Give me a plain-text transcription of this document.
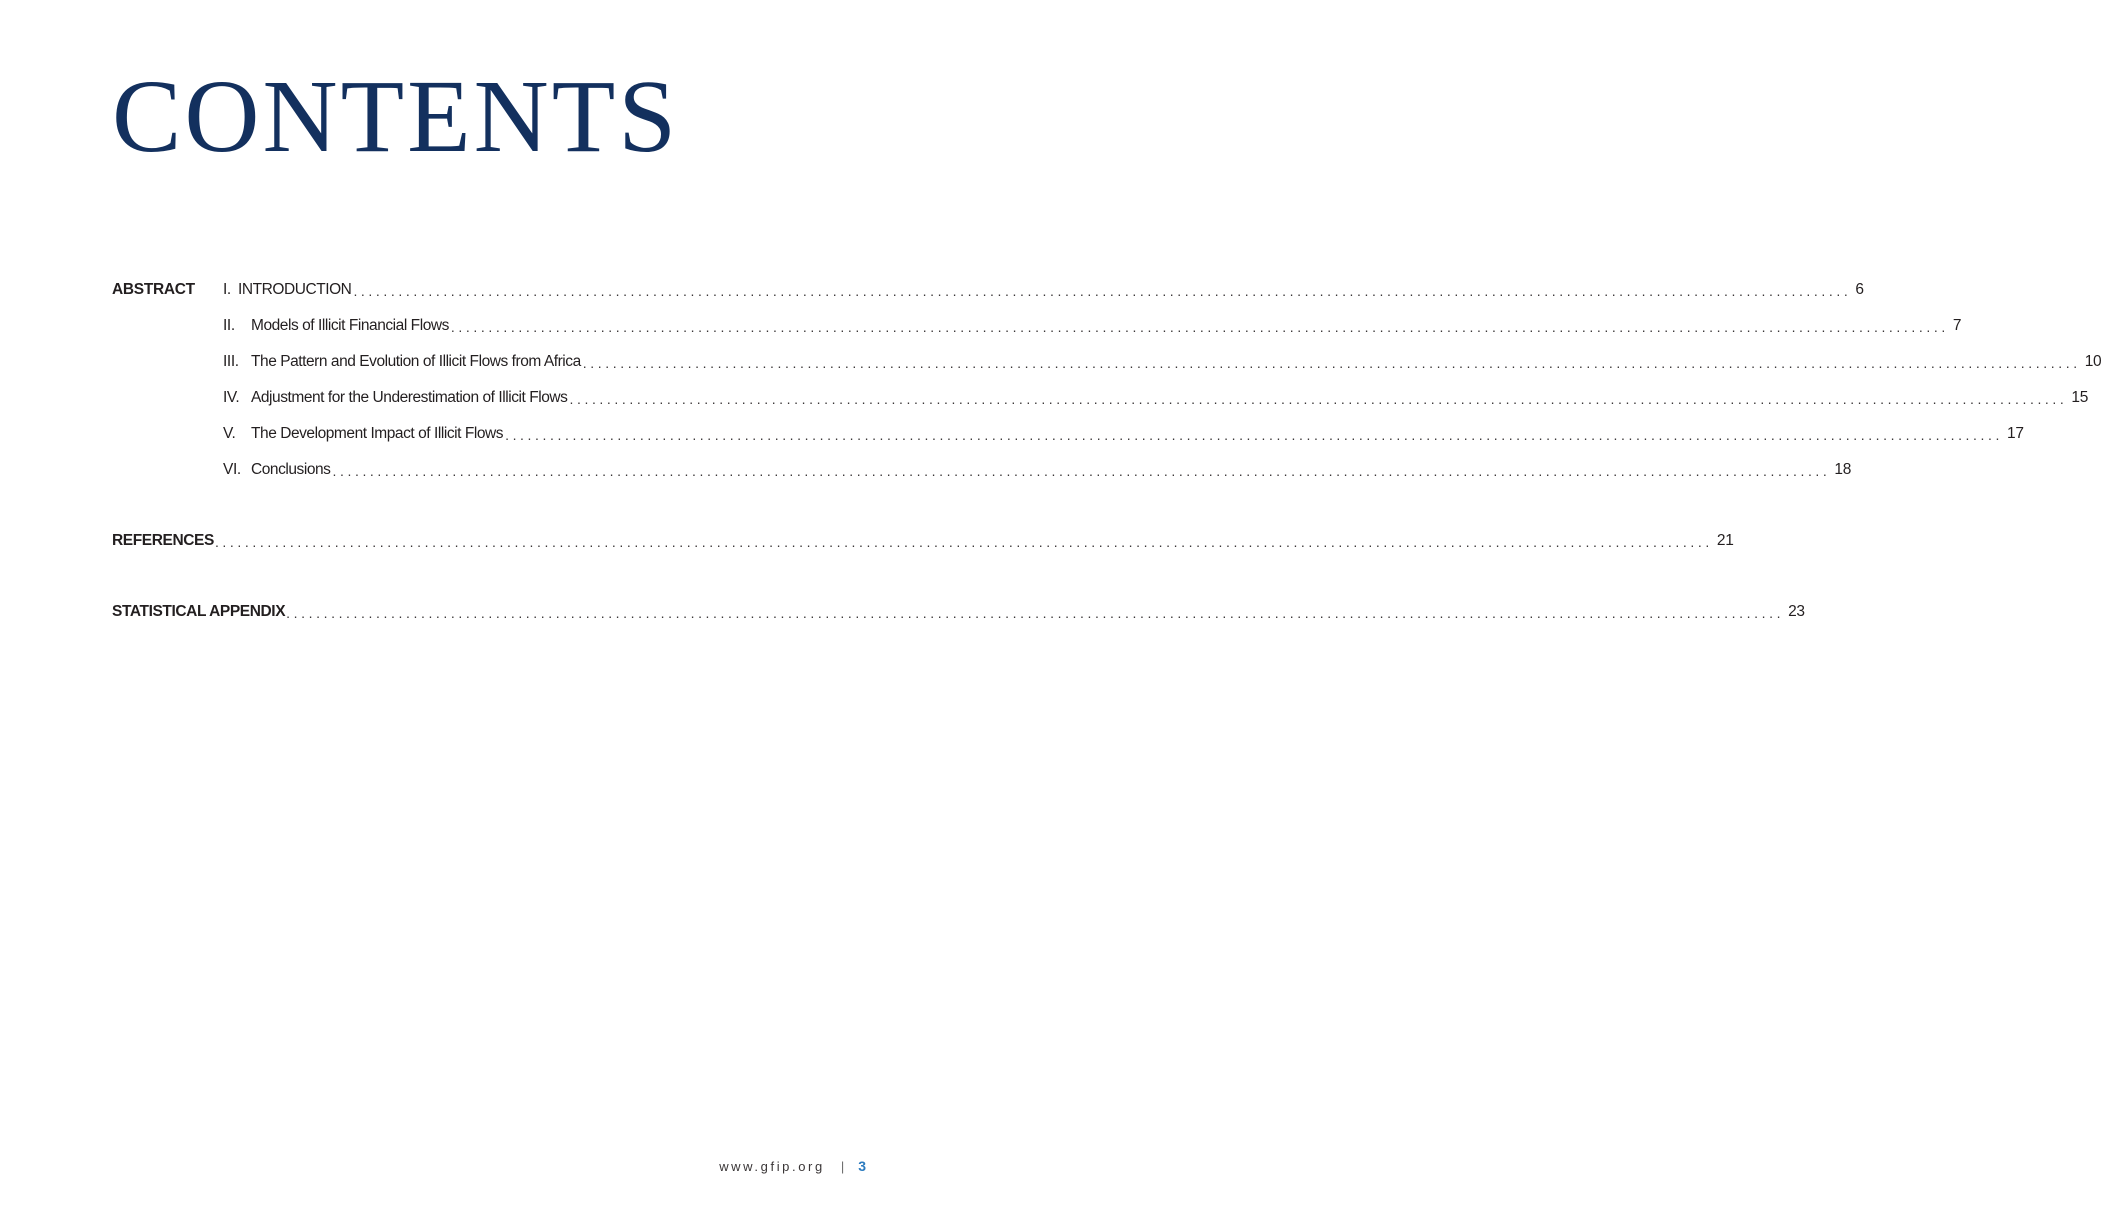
CONTENTS
ABSTRACT I. INTRODUCTION ........................................................................................................................................................................................................ 6
II.	Models of Illicit Financial Flows ........................................................................................................................................................................................................ 7
III. The Pattern and Evolution of Illicit Flows from Africa ........................................................................................................................................................................................................ 10
IV. Adjustment for the Underestimation of Illicit Flows ........................................................................................................................................................................................................ 15
V.	The Development Impact of Illicit Flows ........................................................................................................................................................................................................ 17
VI. Conclusions ........................................................................................................................................................................................................ 18
REFERENCES ........................................................................................................................................................................................................ 21
STATISTICAL APPENDIX ........................................................................................................................................................................................................ 23
www.gfip.org | 3
